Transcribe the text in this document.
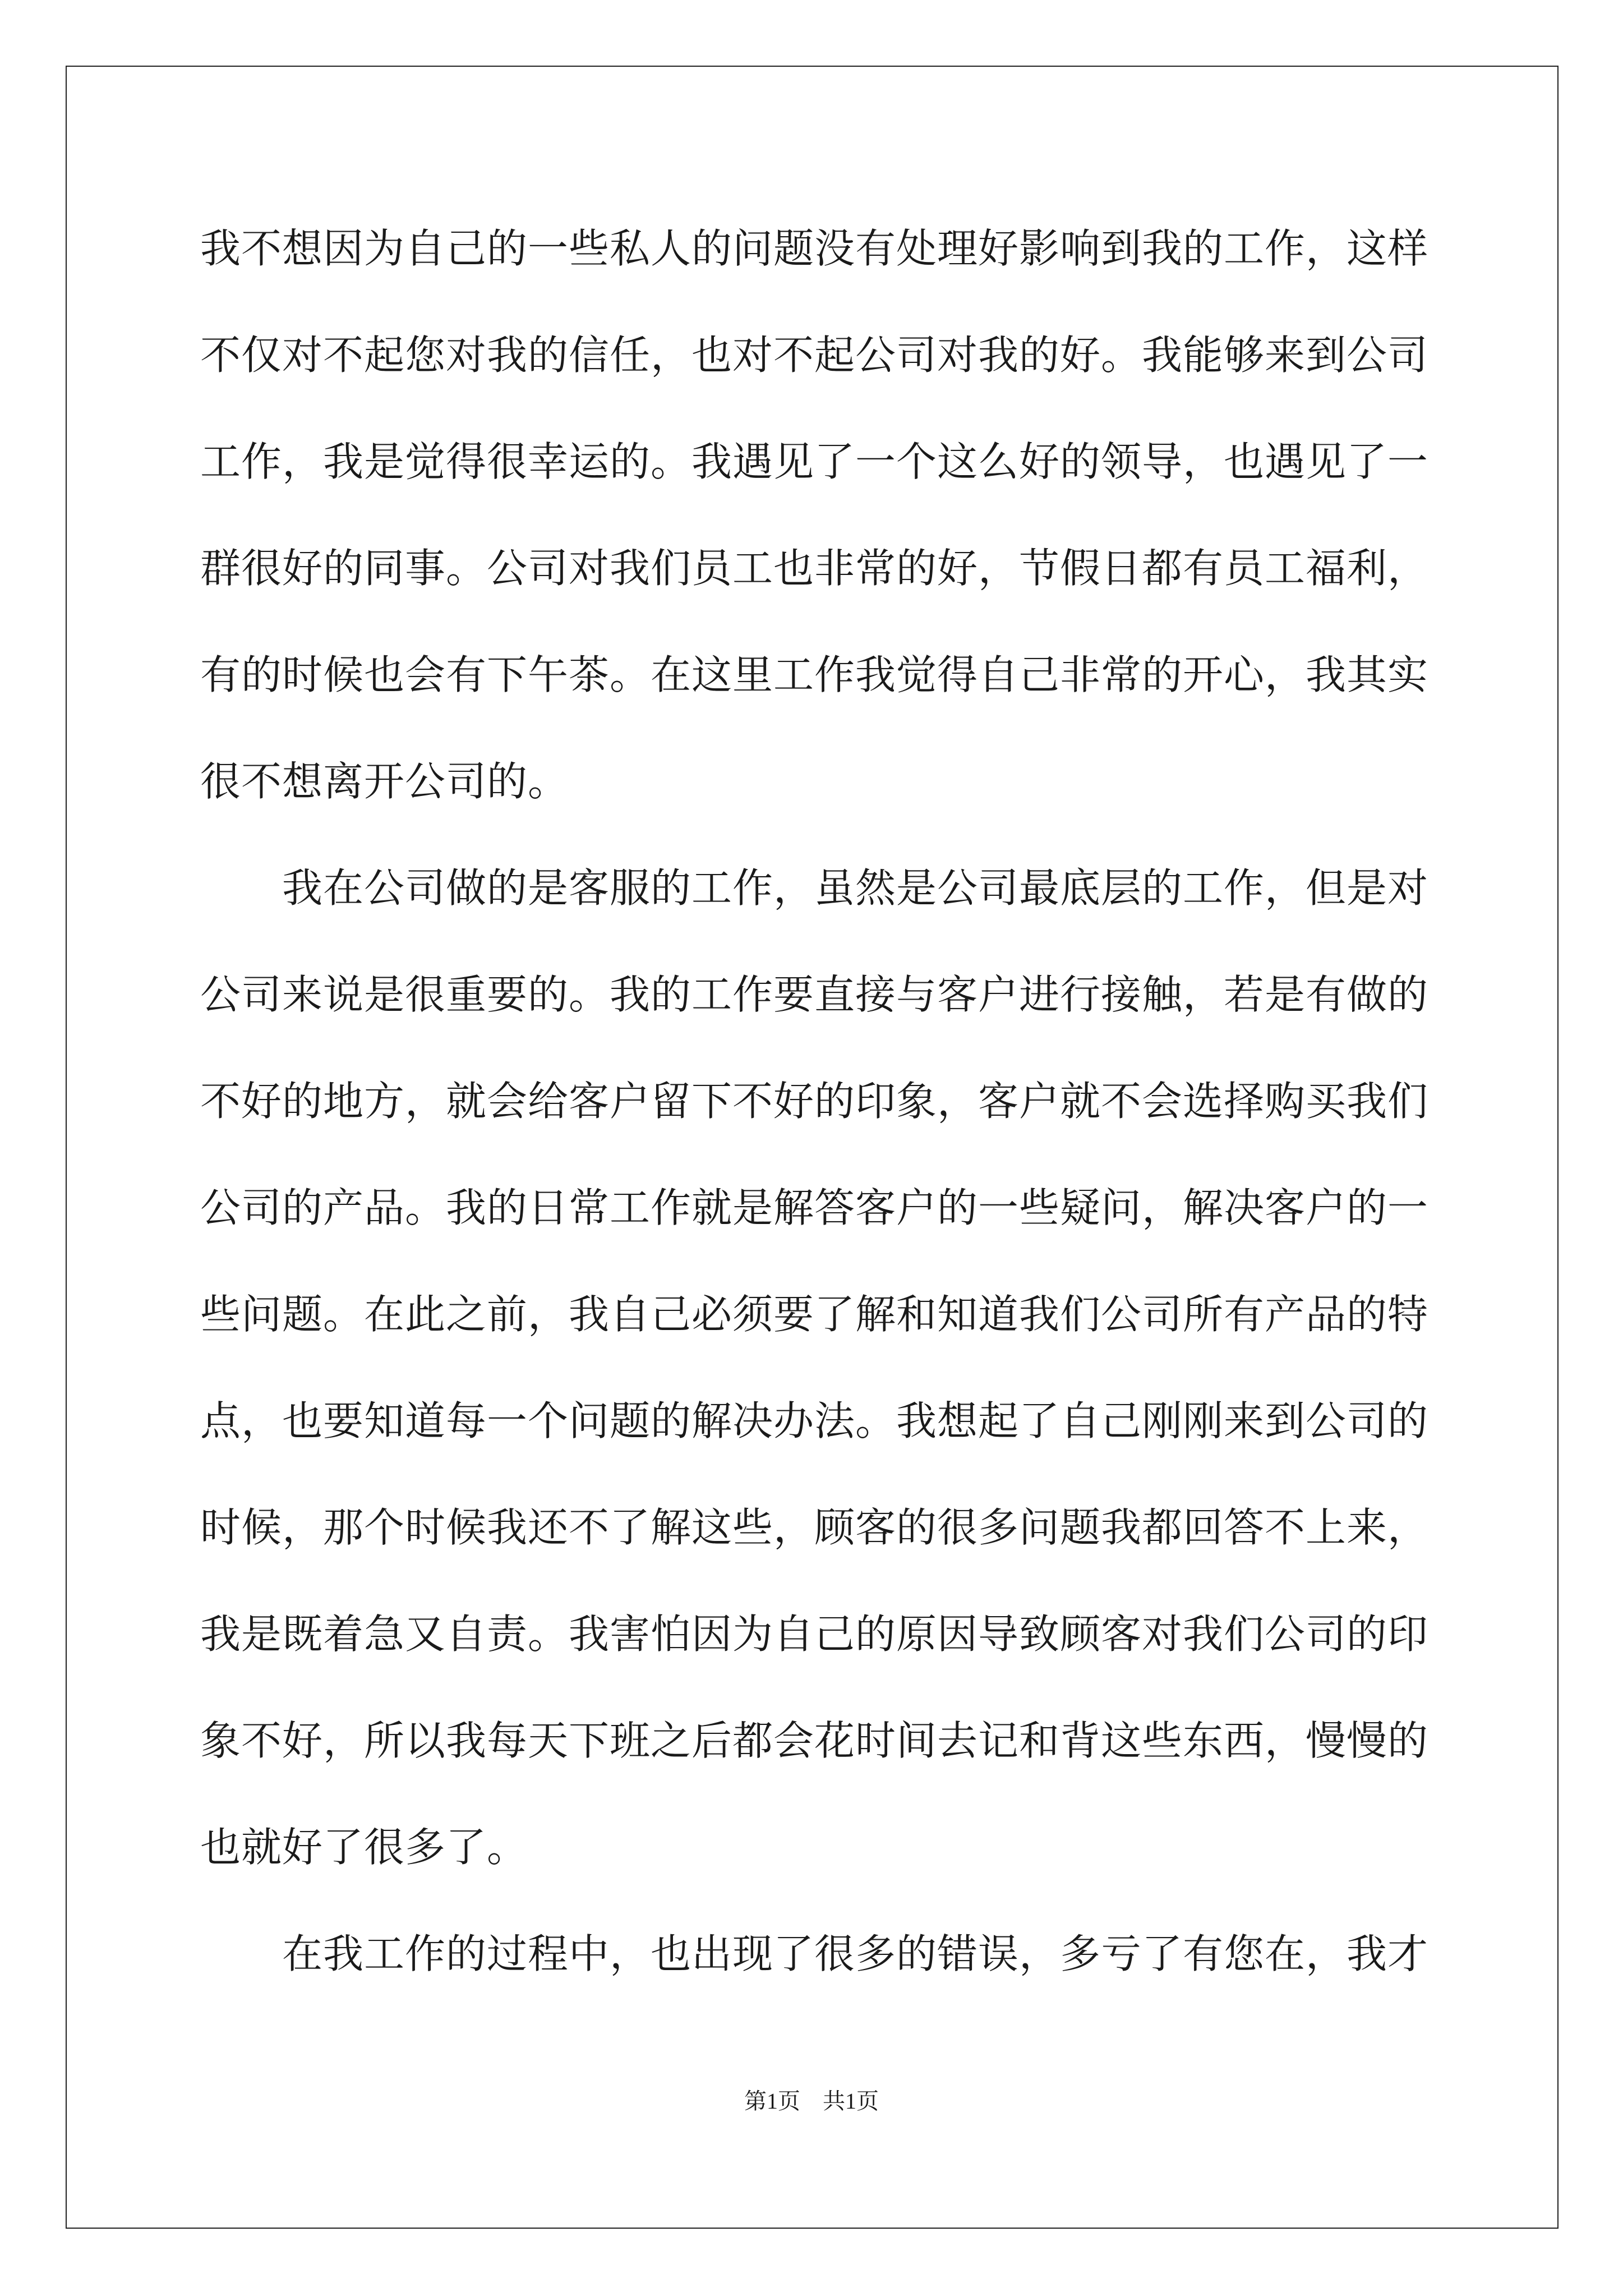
我不想因为自己的一些私人的问题没有处理好影响到我的工作，这样
不仅对不起您对我的信任，也对不起公司对我的好。我能够来到公司
工作，我是觉得很幸运的。我遇见了一个这么好的领导，也遇见了一
群很好的同事。公司对我们员工也非常的好，节假日都有员工福利，
有的时候也会有下午茶。在这里工作我觉得自己非常的开心，我其实
很不想离开公司的。
我在公司做的是客服的工作，虽然是公司最底层的工作，但是对
公司来说是很重要的。我的工作要直接与客户进行接触，若是有做的
不好的地方，就会给客户留下不好的印象，客户就不会选择购买我们
公司的产品。我的日常工作就是解答客户的一些疑问，解决客户的一
些问题。在此之前，我自己必须要了解和知道我们公司所有产品的特
点，也要知道每一个问题的解决办法。我想起了自己刚刚来到公司的
时候，那个时候我还不了解这些，顾客的很多问题我都回答不上来，
我是既着急又自责。我害怕因为自己的原因导致顾客对我们公司的印
象不好，所以我每天下班之后都会花时间去记和背这些东西，慢慢的
也就好了很多了。
在我工作的过程中，也出现了很多的错误，多亏了有您在，我才
第1页　共1页
